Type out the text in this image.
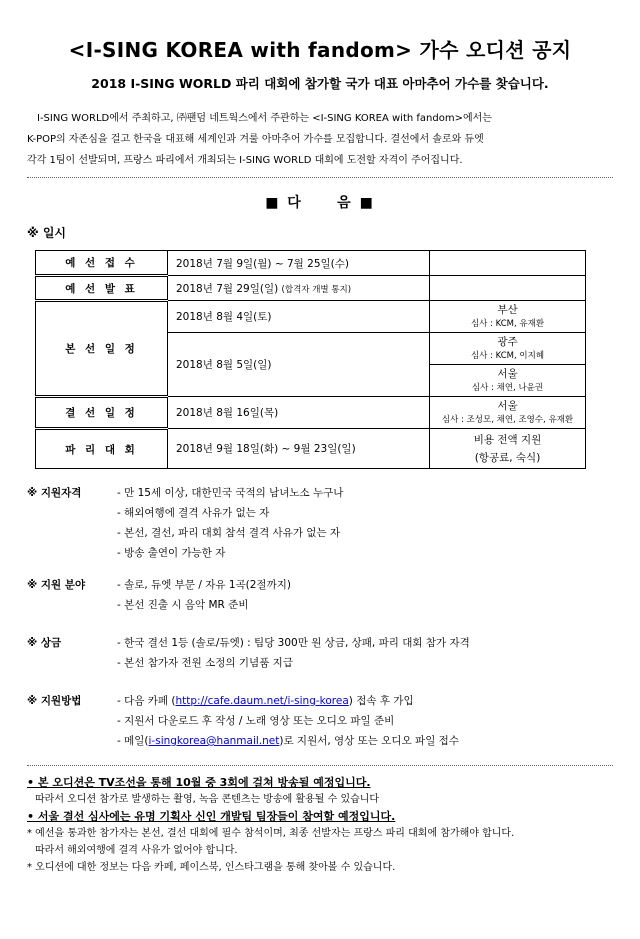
<I-SING KOREA with fandom> 가수 오디션 공지
2018 I-SING WORLD 파리 대회에 참가할 국가 대표 아마추어 가수를 찾습니다.

I-SING WORLD에서 주최하고, ㈜팬덤 네트웍스에서 주관하는 <I-SING KOREA with fandom>에서는

K-POP의 자존심을 걸고 한국을 대표해 세계인과 겨룰 아마추어 가수를 모집합니다. 결선에서 솔로와 듀엣

각각 1팀이 선발되며, 프랑스 파리에서 개최되는 I-SING WORLD 대회에 도전할 자격이 주어집니다.

■ 다     음 ■
※ 일시
예 선 접 수	2018년 7월 9일(월) ~ 7월 25일(수)	
예 선 발 표	2018년 7월 29일(일) (합격자 개별 통지)	
본 선 일 정	2018년 8월 4일(토)	부산
심사 : KCM, 유재환

	2018년 8월 5일(일)	광주
심사 : KCM, 이지혜

		서울
심사 : 채연, 나윤권

결 선 일 정	2018년 8월 16일(목)	서울
심사 : 조성모, 채연, 조영수, 유재환

파 리 대 회	2018년 9월 18일(화) ~ 9월 23일(일)	비용 전액 지원
(항공료, 숙식)
※ 지원자격	- 만 15세 이상, 대한민국 국적의 남녀노소 누구나
- 해외여행에 결격 사유가 없는 자
- 본선, 결선, 파리 대회 참석 결격 사유가 없는 자
- 방송 출연이 가능한 자
※ 지원 분야	- 솔로, 듀엣 부문 / 자유 1곡(2절까지)
- 본선 진출 시 음악 MR 준비
※ 상금	- 한국 결선 1등 (솔로/듀엣) : 팀당 300만 원 상금, 상패, 파리 대회 참가 자격
- 본선 참가자 전원 소정의 기념품 지급
※ 지원방법	- 다음 카페 (http://cafe.daum.net/i-sing-korea) 접속 후 가입
- 지원서 다운로드 후 작성 / 노래 영상 또는 오디오 파일 준비
- 메일(i-singkorea@hanmail.net)로 지원서, 영상 또는 오디오 파일 접수
• 본 오디션은 TV조선을 통해 10월 중 3회에 걸쳐 방송될 예정입니다.
따라서 오디션 참가로 발생하는 촬영, 녹음 콘텐츠는 방송에 활용될 수 있습니다
• 서울 결선 심사에는 유명 기획사 신인 개발팀 팀장들이 참여할 예정입니다.
* 예선을 통과한 참가자는 본선, 결선 대회에 필수 참석이며, 최종 선발자는 프랑스 파리 대회에 참가해야 합니다.
따라서 해외여행에 결격 사유가 없어야 합니다.
* 오디션에 대한 정보는 다음 카페, 페이스북, 인스타그램을 통해 찾아볼 수 있습니다.
